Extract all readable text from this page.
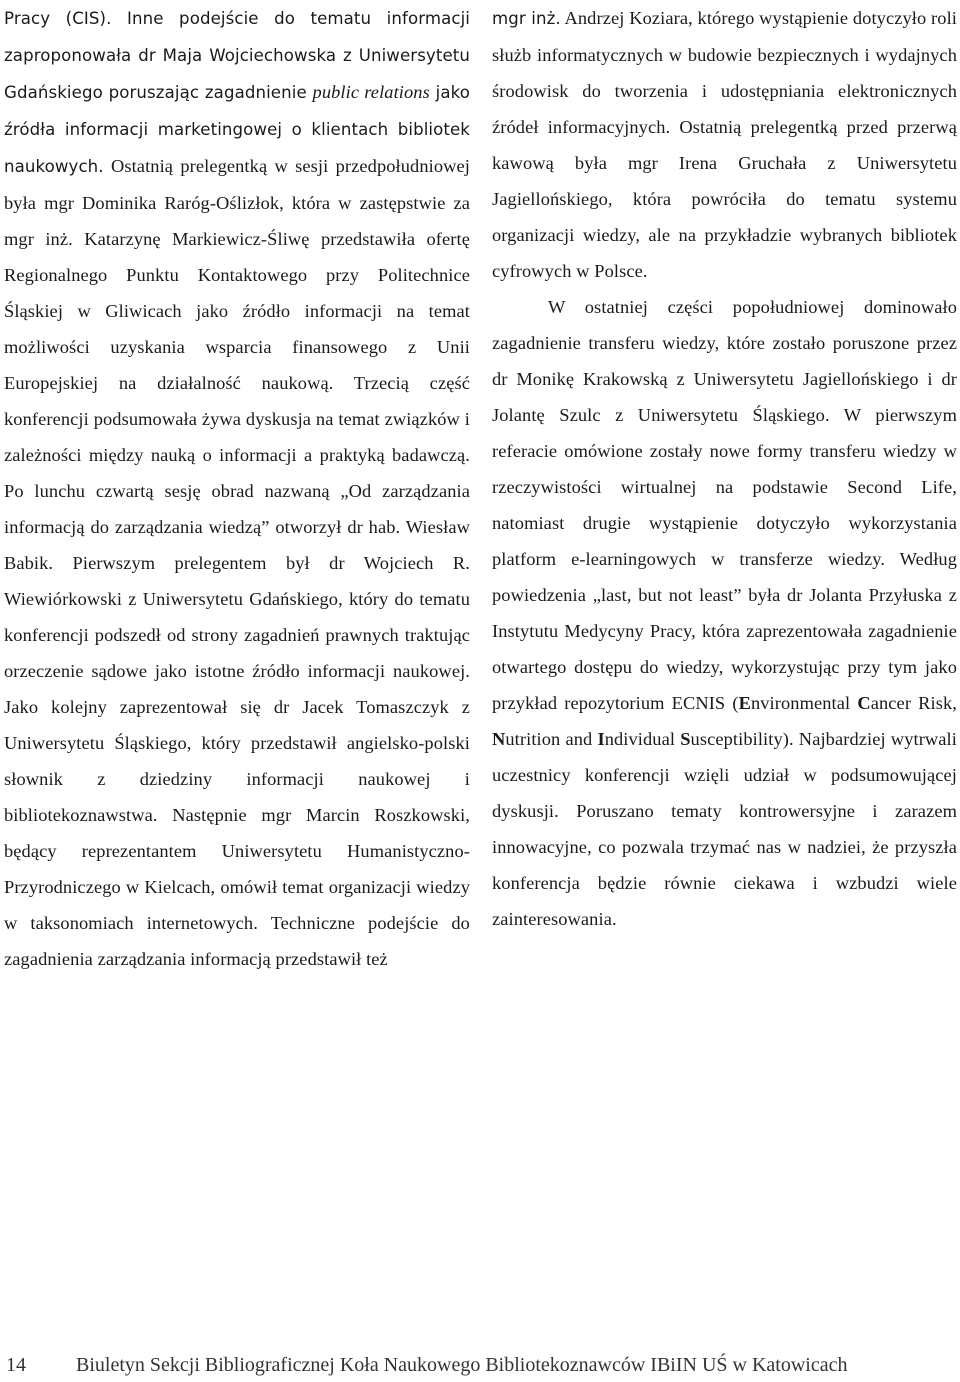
Pracy (CIS). Inne podejście do tematu informacji zaproponowała dr Maja Wojciechowska z Uniwersytetu Gdańskiego poruszając zagadnienie public relations jako źródła informacji marketingowej o klientach bibliotek naukowych. Ostatnią prelegentką w sesji przedpołudniowej była mgr Dominika Raróg-Oślizłok, która w zastępstwie za mgr inż. Katarzynę Markiewicz-Śliwę przedstawiła ofertę Regionalnego Punktu Kontaktowego przy Politechnice Śląskiej w Gliwicach jako źródło informacji na temat możliwości uzyskania wsparcia finansowego z Unii Europejskiej na działalność naukową. Trzecią część konferencji podsumowała żywa dyskusja na temat związków i zależności między nauką o informacji a praktyką badawczą. Po lunchu czwartą sesję obrad nazwaną „Od zarządzania informacją do zarządzania wiedzą” otworzył dr hab. Wiesław Babik. Pierwszym prelegentem był dr Wojciech R. Wiewiórkowski z Uniwersytetu Gdańskiego, który do tematu konferencji podszedł od strony zagadnień prawnych traktując orzeczenie sądowe jako istotne źródło informacji naukowej. Jako kolejny zaprezentował się dr Jacek Tomaszczyk z Uniwersytetu Śląskiego, który przedstawił angielsko-polski słownik z dziedziny informacji naukowej i bibliotekoznawstwa. Następnie mgr Marcin Roszkowski, będący reprezentantem Uniwersytetu Humanistyczno-Przyrodniczego w Kielcach, omówił temat organizacji wiedzy w taksonomiach internetowych. Techniczne podejście do zagadnienia zarządzania informacją przedstawił też

mgr inż. Andrzej Koziara, którego wystąpienie dotyczyło roli służb informatycznych w budowie bezpiecznych i wydajnych środowisk do tworzenia i udostępniania elektronicznych źródeł informacyjnych. Ostatnią prelegentką przed przerwą kawową była mgr Irena Gruchała z Uniwersytetu Jagiellońskiego, która powróciła do tematu systemu organizacji wiedzy, ale na przykładzie wybranych bibliotek cyfrowych w Polsce.

W ostatniej części popołudniowej dominowało zagadnienie transferu wiedzy, które zostało poruszone przez dr Monikę Krakowską z Uniwersytetu Jagiellońskiego i dr Jolantę Szulc z Uniwersytetu Śląskiego. W pierwszym referacie omówione zostały nowe formy transferu wiedzy w rzeczywistości wirtualnej na podstawie Second Life, natomiast drugie wystąpienie dotyczyło wykorzystania platform e-learningowych w transferze wiedzy. Według powiedzenia „last, but not least” była dr Jolanta Przyłuska z Instytutu Medycyny Pracy, która zaprezentowała zagadnienie otwartego dostępu do wiedzy, wykorzystując przy tym jako przykład repozytorium ECNIS (Environmental Cancer Risk, Nutrition and Individual Susceptibility). Najbardziej wytrwali uczestnicy konferencji wzięli udział w podsumowującej dyskusji. Poruszano tematy kontrowersyjne i zarazem innowacyjne, co pozwala trzymać nas w nadziei, że przyszła konferencja będzie równie ciekawa i wzbudzi wiele zainteresowania.

14	Biuletyn Sekcji Bibliograficznej Koła Naukowego Bibliotekoznawców IBiIN UŚ w Katowicach
